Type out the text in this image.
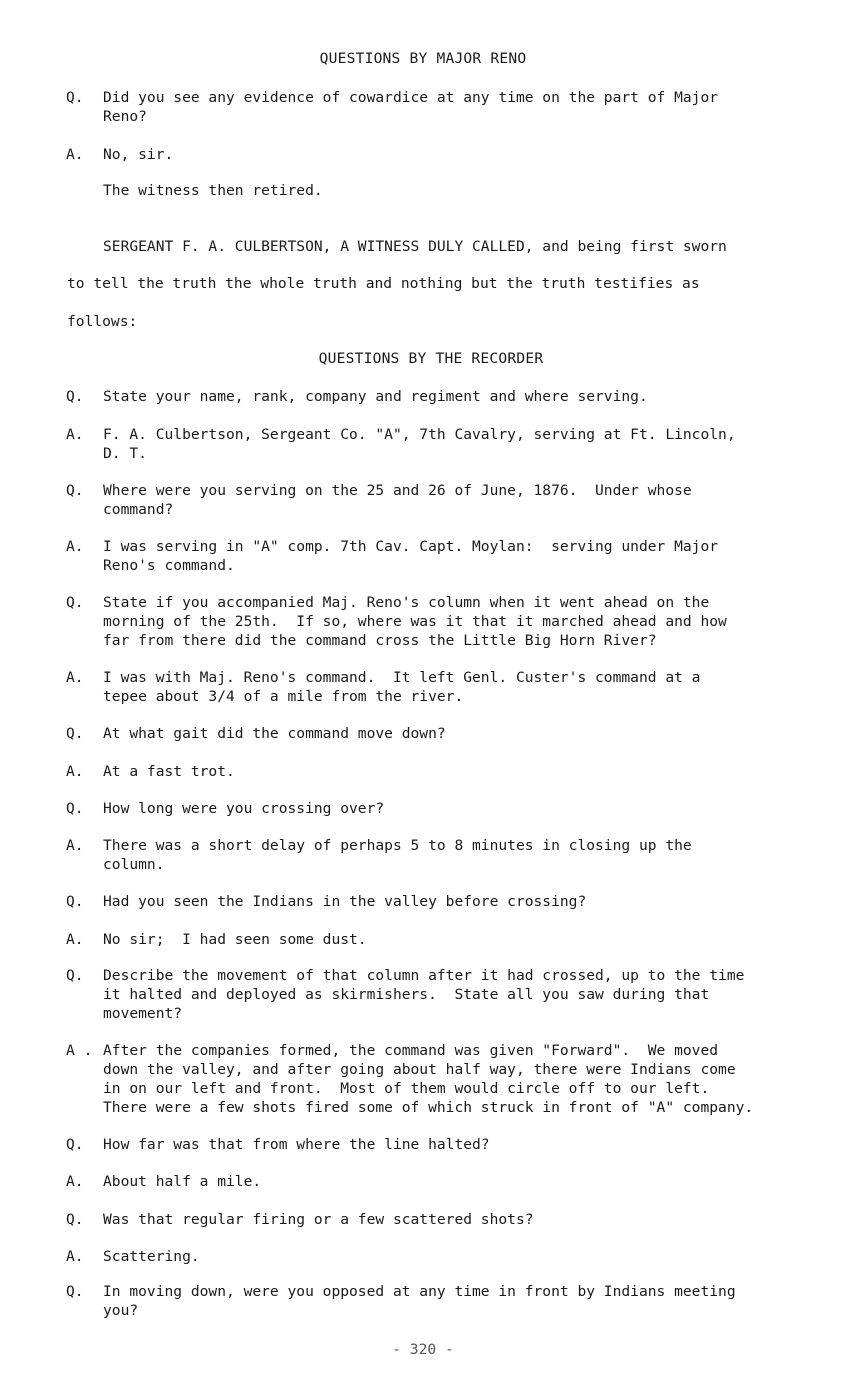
QUESTIONS BY MAJOR RENO
Q.	Did you see any evidence of cowardice at any time on the part of Major
Reno?
A.	No, sir.
The witness then retired.
SERGEANT F. A. CULBERTSON, A WITNESS DULY CALLED, and being first sworn
to tell the truth the whole truth and nothing but the truth testifies as
follows:
QUESTIONS BY THE RECORDER
Q.	State your name, rank, company and regiment and where serving.
A.	F. A. Culbertson, Sergeant Co. "A", 7th Cavalry, serving at Ft. Lincoln,
D. T.
Q.	Where were you serving on the 25 and 26 of June, 1876.  Under whose
command?
A.	I was serving in "A" comp. 7th Cav. Capt. Moylan:  serving under Major
Reno's command.
Q.	State if you accompanied Maj. Reno's column when it went ahead on the
morning of the 25th.  If so, where was it that it marched ahead and how
far from there did the command cross the Little Big Horn River?
A.	I was with Maj. Reno's command.  It left Genl. Custer's command at a
tepee about 3/4 of a mile from the river.
Q.	At what gait did the command move down?
A.	At a fast trot.
Q.	How long were you crossing over?
A.	There was a short delay of perhaps 5 to 8 minutes in closing up the
column.
Q.	Had you seen the Indians in the valley before crossing?
A.	No sir;  I had seen some dust.
Q.	Describe the movement of that column after it had crossed, up to the time
it halted and deployed as skirmishers.  State all you saw during that
movement?
A . After the companies formed, the command was given "Forward".  We moved
down the valley, and after going about half way, there were Indians come
in on our left and front.  Most of them would circle off to our left.
There were a few shots fired some of which struck in front of "A" company.
Q.	How far was that from where the line halted?
A.	About half a mile.
Q.	Was that regular firing or a few scattered shots?
A.	Scattering.
Q.	In moving down, were you opposed at any time in front by Indians meeting
you?
- 320 -
